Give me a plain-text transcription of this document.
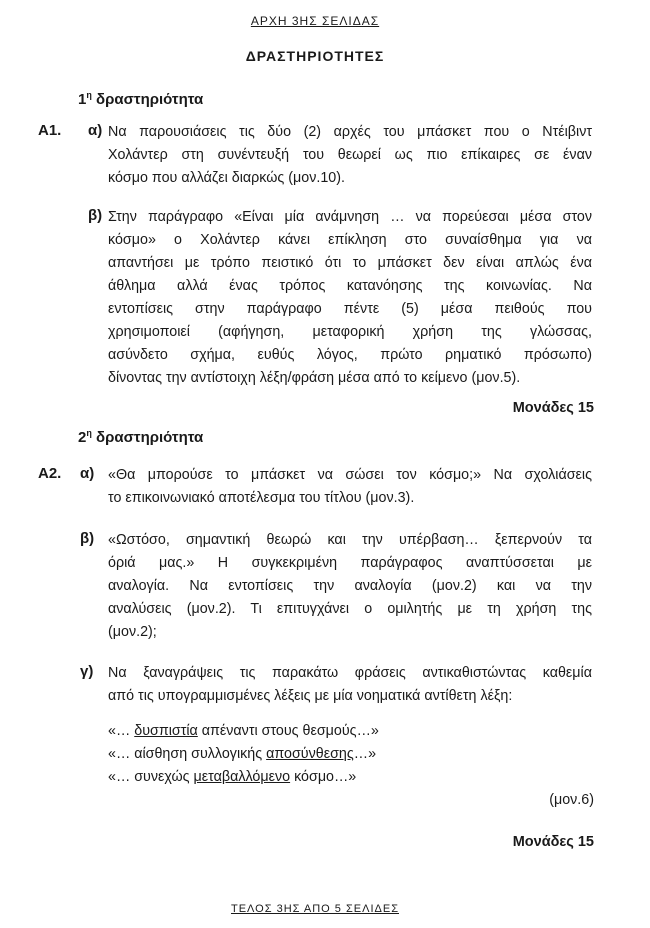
ΑΡΧΗ 3ΗΣ ΣΕΛΙΔΑΣ
ΔΡΑΣΤΗΡΙΟΤΗΤΕΣ
$1^\eta$ δραστηριότητα
Α1. α) Να παρουσιάσεις τις δύο (2) αρχές του μπάσκετ που ο Ντέιβιντ
Χολάντερ στη συνέντευξή του θεωρεί ως πιο επίκαιρες σε έναν
κόσμο που αλλάζει διαρκώς (μον.10).
β) Στην παράγραφο «Είναι μία ανάμνηση … να πορεύεσαι μέσα στον
κόσμο» ο Χολάντερ κάνει επίκληση στο συναίσθημα για να
απαντήσει με τρόπο πειστικό ότι το μπάσκετ δεν είναι απλώς ένα
άθλημα αλλά ένας τρόπος κατανόησης της κοινωνίας. Να
εντοπίσεις στην παράγραφο πέντε (5) μέσα πειθούς που
χρησιμοποιεί (αφήγηση, μεταφορική χρήση της γλώσσας,
ασύνδετο σχήμα, ευθύς λόγος, πρώτο ρηματικό πρόσωπο)
δίνοντας την αντίστοιχη λέξη/φράση μέσα από το κείμενο (μον.5).
Μονάδες 15
$2^\eta$ δραστηριότητα
Α2. α) «Θα μπορούσε το μπάσκετ να σώσει τον κόσμο;» Να σχολιάσεις
το επικοινωνιακό αποτέλεσμα του τίτλου (μον.3).
β) «Ωστόσο, σημαντική θεωρώ και την υπέρβαση… ξεπερνούν τα
όριά μας.» Η συγκεκριμένη παράγραφος αναπτύσσεται με
αναλογία. Να εντοπίσεις την αναλογία (μον.2) και να την
αναλύσεις (μον.2). Τι επιτυγχάνει ο ομιλητής με τη χρήση της
(μον.2);
γ) Να ξαναγράψεις τις παρακάτω φράσεις αντικαθιστώντας καθεμία
από τις υπογραμμισμένες λέξεις με μία νοηματικά αντίθετη λέξη:
«… δυσπιστία απέναντι στους θεσμούς…»
«… αίσθηση συλλογικής αποσύνθεσης…»
«… συνεχώς μεταβαλλόμενο κόσμο…»
(μον.6)
Μονάδες 15
ΤΕΛΟΣ 3ΗΣ ΑΠΟ 5 ΣΕΛΙΔΕΣ
